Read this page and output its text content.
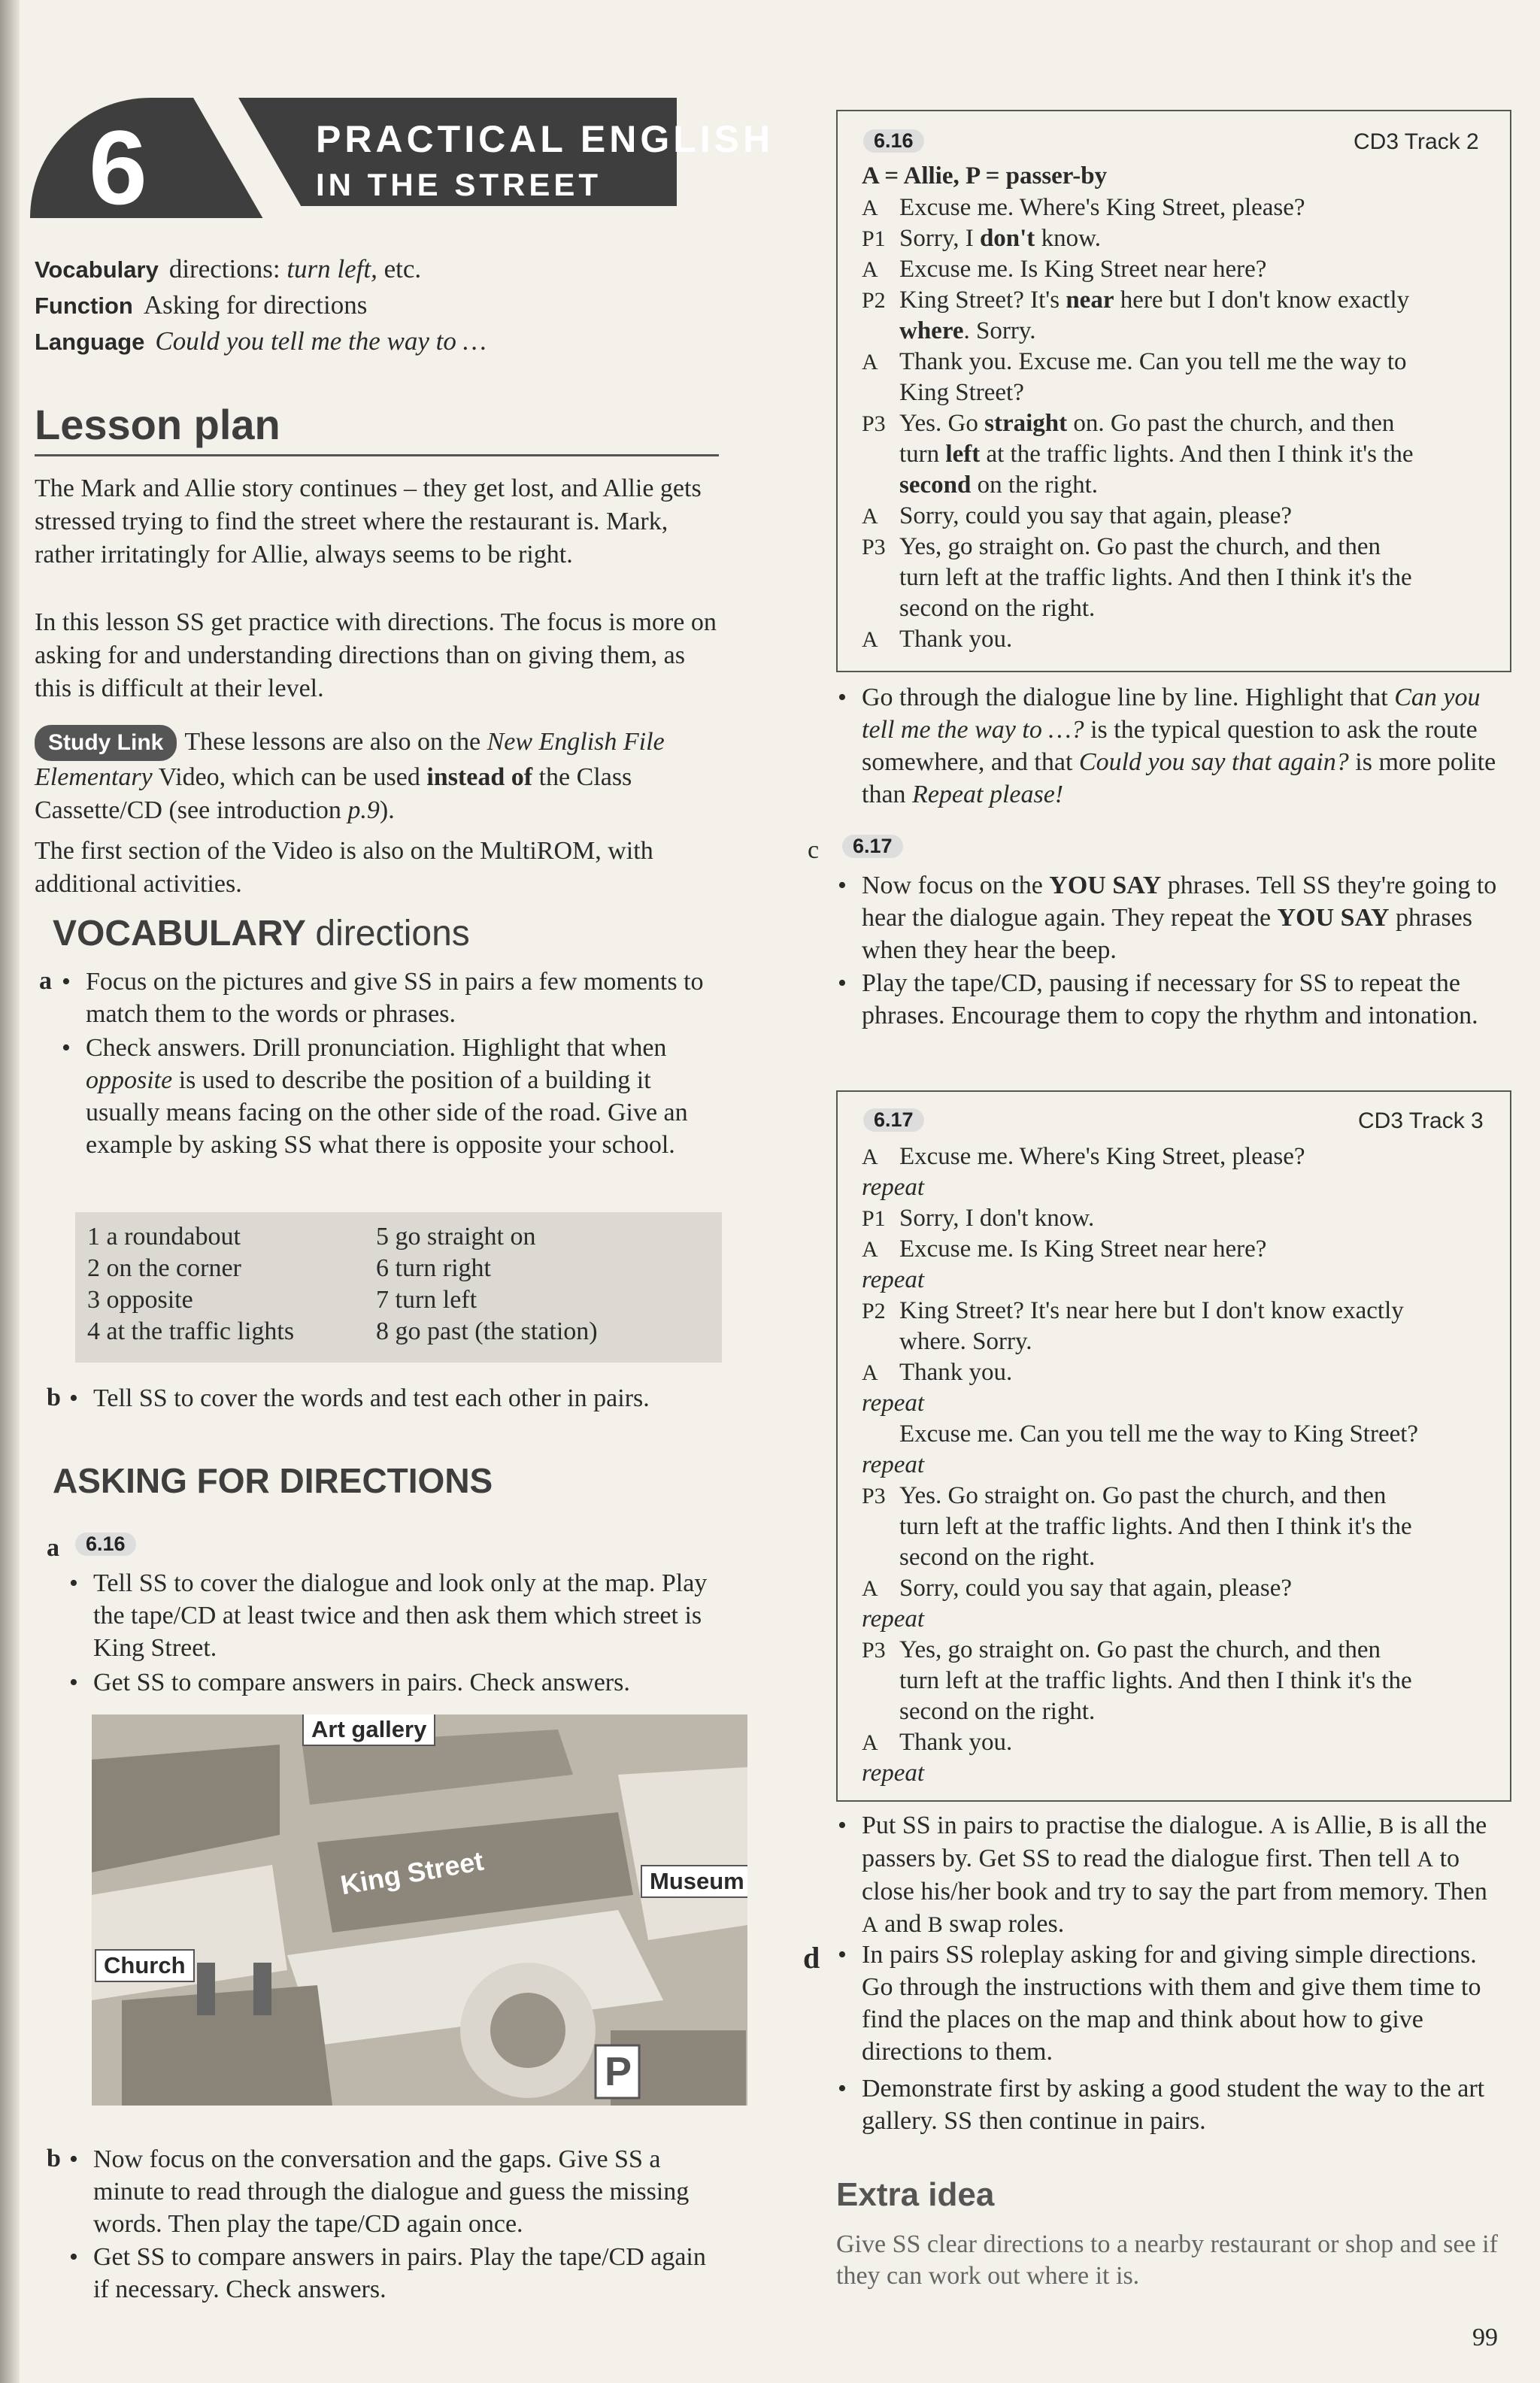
6	PRACTICAL ENGLISH
IN THE STREET
Vocabulary directions: turn left, etc.
Function Asking for directions
Language Could you tell me the way to …
Lesson plan
The Mark and Allie story continues – they get lost, and Allie gets stressed trying to find the street where the restaurant is. Mark, rather irritatingly for Allie, always seems to be right.
In this lesson SS get practice with directions. The focus is more on asking for and understanding directions than on giving them, as this is difficult at their level.
Study Link These lessons are also on the New English File Elementary Video, which can be used instead of the Class Cassette/CD (see introduction p.9).
The first section of the Video is also on the MultiROM, with additional activities.
VOCABULARY directions
a • Focus on the pictures and give SS in pairs a few moments to match them to the words or phrases.
• Check answers. Drill pronunciation. Highlight that when opposite is used to describe the position of a building it usually means facing on the other side of the road. Give an example by asking SS what there is opposite your school.
1 a roundabout
2 on the corner
3 opposite
4 at the traffic lights
5 go straight on
6 turn right
7 turn left
8 go past (the station)
b • Tell SS to cover the words and test each other in pairs.
ASKING FOR DIRECTIONS
a	6.16
• Tell SS to cover the dialogue and look only at the map. Play the tape/CD at least twice and then ask them which street is King Street.
• Get SS to compare answers in pairs. Check answers.
Art gallery
King Street	Museum
Church
P
b • Now focus on the conversation and the gaps. Give SS a minute to read through the dialogue and guess the missing words. Then play the tape/CD again once.
• Get SS to compare answers in pairs. Play the tape/CD again if necessary. Check answers.
6.16	CD3 Track 2
A = Allie, P = passer-by
A Excuse me. Where's King Street, please?
P1 Sorry, I don't know.
A Excuse me. Is King Street near here?
P2 King Street? It's near here but I don't know exactly
where. Sorry.
A Thank you. Excuse me. Can you tell me the way to
King Street?
P3 Yes. Go straight on. Go past the church, and then
turn left at the traffic lights. And then I think it's the
second on the right.
A Sorry, could you say that again, please?
P3 Yes, go straight on. Go past the church, and then
turn left at the traffic lights. And then I think it's the
second on the right.
A Thank you.
• Go through the dialogue line by line. Highlight that Can you tell me the way to …? is the typical question to ask the route somewhere, and that Could you say that again? is more polite than Repeat please!
c	6.17
• Now focus on the YOU SAY phrases. Tell SS they're going to hear the dialogue again. They repeat the YOU SAY phrases when they hear the beep.
• Play the tape/CD, pausing if necessary for SS to repeat the phrases. Encourage them to copy the rhythm and intonation.
6.17	CD3 Track 3
A Excuse me. Where's King Street, please?
repeat
P1 Sorry, I don't know.
A Excuse me. Is King Street near here?
repeat
P2 King Street? It's near here but I don't know exactly
where. Sorry.
A Thank you.
repeat
Excuse me. Can you tell me the way to King Street?
repeat
P3 Yes. Go straight on. Go past the church, and then
turn left at the traffic lights. And then I think it's the
second on the right.
A Sorry, could you say that again, please?
repeat
P3 Yes, go straight on. Go past the church, and then
turn left at the traffic lights. And then I think it's the
second on the right.
A Thank you.
repeat
• Put SS in pairs to practise the dialogue. A is Allie, B is all the passers by. Get SS to read the dialogue first. Then tell A to close his/her book and try to say the part from memory. Then A and B swap roles.
d • In pairs SS roleplay asking for and giving simple directions. Go through the instructions with them and give them time to find the places on the map and think about how to give directions to them.
• Demonstrate first by asking a good student the way to the art gallery. SS then continue in pairs.
Extra idea
Give SS clear directions to a nearby restaurant or shop and see if they can work out where it is.
99
